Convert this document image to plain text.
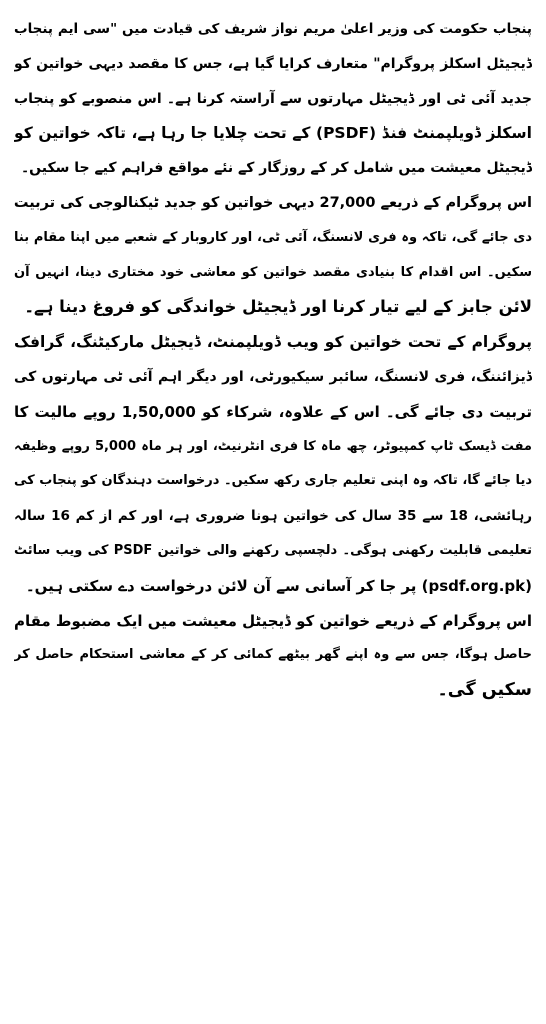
پنجاب حکومت کی وزیر اعلیٰ مریم نواز شریف کی قیادت میں "سی ایم پنجاب
ڈیجیٹل اسکلز پروگرام" متعارف کرایا گیا ہے، جس کا مقصد دیہی خواتین کو
جدید آئی ٹی اور ڈیجیٹل مہارتوں سے آراستہ کرنا ہے۔ اس منصوبے کو پنجاب
اسکلز ڈویلپمنٹ فنڈ (PSDF) کے تحت چلایا جا رہا ہے، تاکہ خواتین کو
ڈیجیٹل معیشت میں شامل کر کے روزگار کے نئے مواقع فراہم کیے جا سکیں۔
اس پروگرام کے ذریعے 27,000 دیہی خواتین کو جدید ٹیکنالوجی کی تربیت
دی جائے گی، تاکہ وہ فری لانسنگ، آئی ٹی، اور کاروبار کے شعبے میں اپنا مقام بنا
سکیں۔ اس اقدام کا بنیادی مقصد خواتین کو معاشی خود مختاری دینا، انہیں آن
لائن جابز کے لیے تیار کرنا اور ڈیجیٹل خواندگی کو فروغ دینا ہے۔
پروگرام کے تحت خواتین کو ویب ڈویلپمنٹ، ڈیجیٹل مارکیٹنگ، گرافک
ڈیزائننگ، فری لانسنگ، سائبر سیکیورٹی، اور دیگر اہم آئی ٹی مہارتوں کی
تربیت دی جائے گی۔ اس کے علاوہ، شرکاء کو 1,50,000 روپے مالیت کا
مفت ڈیسک ٹاپ کمپیوٹر، چھ ماہ کا فری انٹرنیٹ، اور ہر ماہ 5,000 روپے وظیفہ
دیا جائے گا، تاکہ وہ اپنی تعلیم جاری رکھ سکیں۔ درخواست دہندگان کو پنجاب کی
رہائشی، 18 سے 35 سال کی خواتین ہونا ضروری ہے، اور کم از کم 16 سالہ
تعلیمی قابلیت رکھنی ہوگی۔ دلچسپی رکھنے والی خواتین PSDF کی ویب سائٹ
(psdf.org.pk) پر جا کر آسانی سے آن لائن درخواست دے سکتی ہیں۔
اس پروگرام کے ذریعے خواتین کو ڈیجیٹل معیشت میں ایک مضبوط مقام
حاصل ہوگا، جس سے وہ اپنے گھر بیٹھے کمائی کر کے معاشی استحکام حاصل کر
سکیں گی۔
